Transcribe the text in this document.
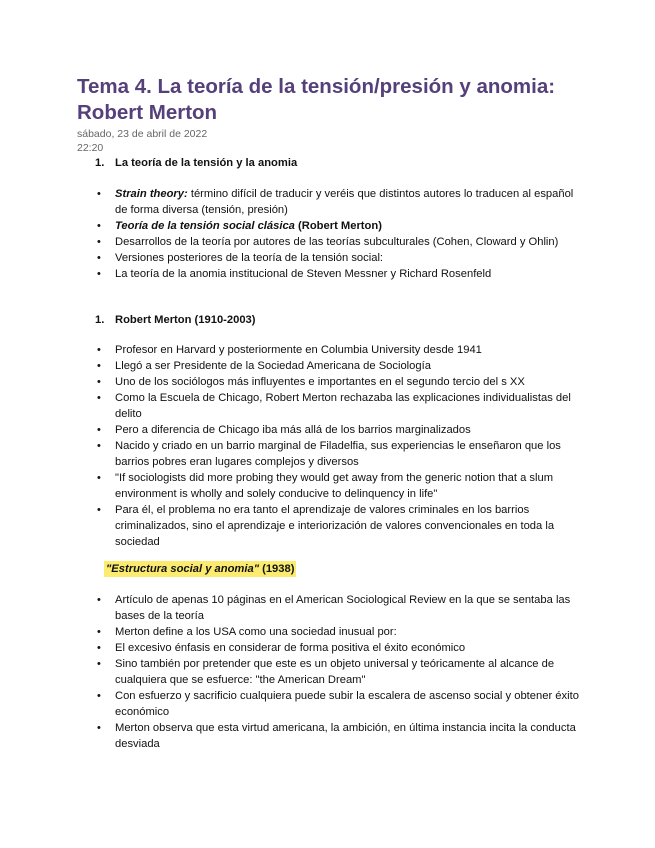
Tema 4. La teoría de la tensión/presión y anomia: Robert Merton
sábado, 23 de abril de 2022
22:20
1. La teoría de la tensión y la anomia
• Strain theory: término difícil de traducir y veréis que distintos autores lo traducen al español de forma diversa (tensión, presión)
• Teoría de la tensión social clásica (Robert Merton)
• Desarrollos de la teoría por autores de las teorías subculturales (Cohen, Cloward y Ohlin)
• Versiones posteriores de la teoría de la tensión social:
• La teoría de la anomia institucional de Steven Messner y Richard Rosenfeld
1. Robert Merton (1910-2003)
• Profesor en Harvard y posteriormente en Columbia University desde 1941
• Llegó a ser Presidente de la Sociedad Americana de Sociología
• Uno de los sociólogos más influyentes e importantes en el segundo tercio del s XX
• Como la Escuela de Chicago, Robert Merton rechazaba las explicaciones individualistas del delito
• Pero a diferencia de Chicago iba más allá de los barrios marginalizados
• Nacido y criado en un barrio marginal de Filadelfia, sus experiencias le enseñaron que los barrios pobres eran lugares complejos y diversos
• "If sociologists did more probing they would get away from the generic notion that a slum environment is wholly and solely conducive to delinquency in life"
• Para él, el problema no era tanto el aprendizaje de valores criminales en los barrios criminalizados, sino el aprendizaje e interiorización de valores convencionales en toda la sociedad
"Estructura social y anomia" (1938)
• Artículo de apenas 10 páginas en el American Sociological Review en la que se sentaba las bases de la teoría
• Merton define a los USA como una sociedad inusual por:
• El excesivo énfasis en considerar de forma positiva el éxito económico
• Sino también por pretender que este es un objeto universal y teóricamente al alcance de cualquiera que se esfuerce: "the American Dream"
• Con esfuerzo y sacrificio cualquiera puede subir la escalera de ascenso social y obtener éxito económico
• Merton observa que esta virtud americana, la ambición, en última instancia incita la conducta desviada
